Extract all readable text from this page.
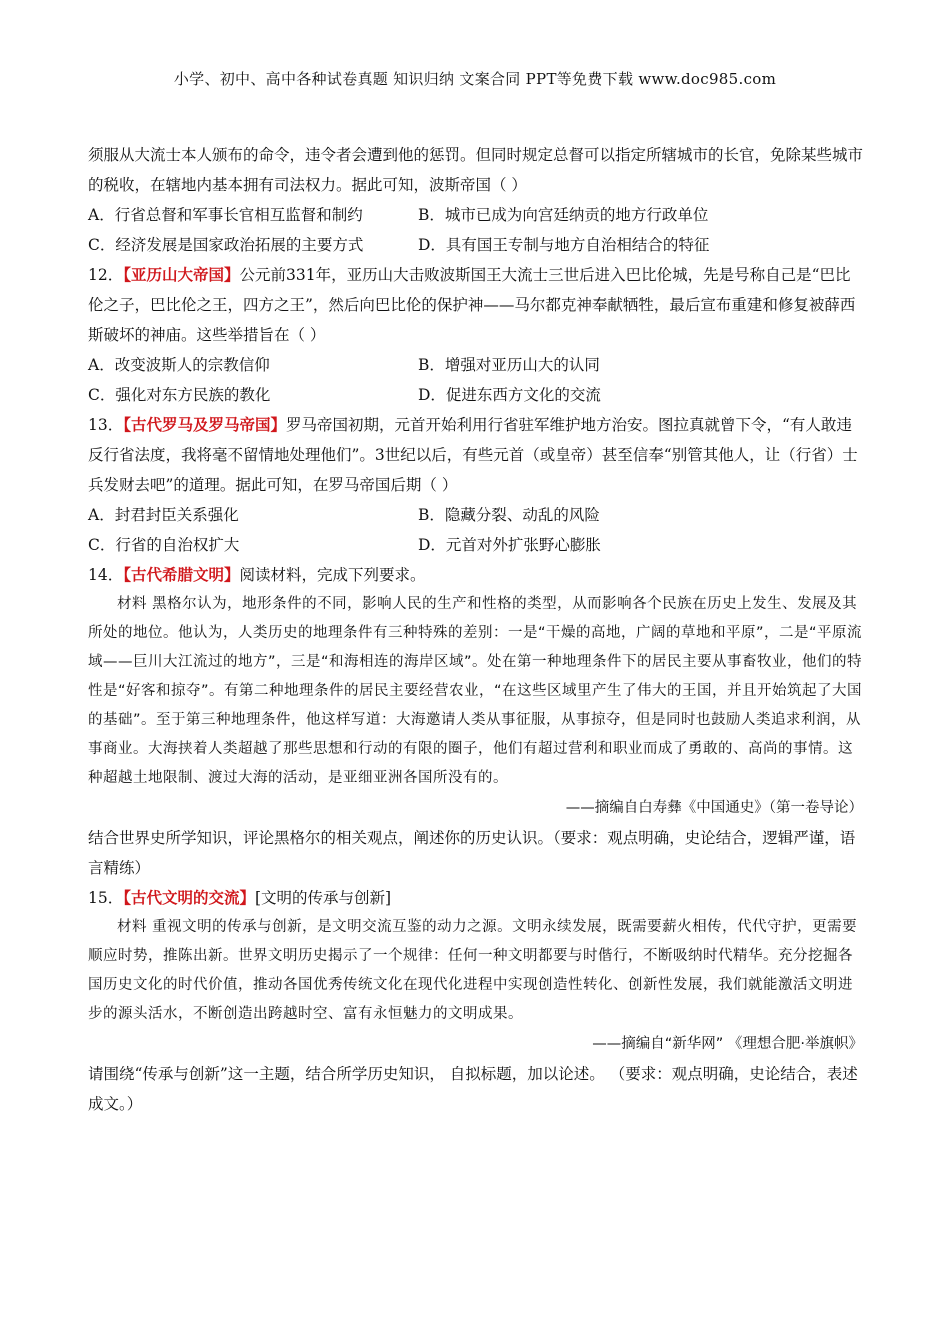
小学、初中、高中各种试卷真题 知识归纳 文案合同 PPT等免费下载 www.doc985.com

须服从大流士本人颁布的命令，违令者会遭到他的惩罚。但同时规定总督可以指定所辖城市的长官，免除某些城市的税收，在辖地内基本拥有司法权力。据此可知，波斯帝国（ ）

A．行省总督和军事长官相互监督和制约	B．城市已成为向宫廷纳贡的地方行政单位
C．经济发展是国家政治拓展的主要方式	D．具有国王专制与地方自治相结合的特征

12．【亚历山大帝国】公元前331年，亚历山大击败波斯国王大流士三世后进入巴比伦城，先是号称自己是“巴比伦之子，巴比伦之王，四方之王”，然后向巴比伦的保护神——马尔都克神奉献牺牲，最后宣布重建和修复被薛西斯破坏的神庙。这些举措旨在（ ）

A．改变波斯人的宗教信仰	B．增强对亚历山大的认同
C．强化对东方民族的教化	D．促进东西方文化的交流

13．【古代罗马及罗马帝国】罗马帝国初期，元首开始利用行省驻军维护地方治安。图拉真就曾下令，“有人敢违反行省法度，我将毫不留情地处理他们”。3世纪以后，有些元首（或皇帝）甚至信奉“别管其他人，让（行省）士兵发财去吧”的道理。据此可知，在罗马帝国后期（ ）

A．封君封臣关系强化	B．隐藏分裂、动乱的风险
C．行省的自治权扩大	D．元首对外扩张野心膨胀

14．【古代希腊文明】阅读材料，完成下列要求。

材料 黑格尔认为，地形条件的不同，影响人民的生产和性格的类型，从而影响各个民族在历史上发生、发展及其所处的地位。他认为，人类历史的地理条件有三种特殊的差别：一是“干燥的高地，广阔的草地和平原”，二是“平原流域——巨川大江流过的地方”，三是“和海相连的海岸区域”。处在第一种地理条件下的居民主要从事畜牧业，他们的特性是“好客和掠夺”。有第二种地理条件的居民主要经营农业，“在这些区域里产生了伟大的王国，并且开始筑起了大国的基础”。至于第三种地理条件，他这样写道：大海邀请人类从事征服，从事掠夺，但是同时也鼓励人类追求利润，从事商业。大海挟着人类超越了那些思想和行动的有限的圈子，他们有超过营利和职业而成了勇敢的、高尚的事情。这种超越土地限制、渡过大海的活动，是亚细亚洲各国所没有的。

——摘编自白寿彝《中国通史》（第一卷导论）

结合世界史所学知识，评论黑格尔的相关观点，阐述你的历史认识。（要求：观点明确，史论结合，逻辑严谨，语言精练）

15．【古代文明的交流】[文明的传承与创新]

材料 重视文明的传承与创新，是文明交流互鉴的动力之源。文明永续发展，既需要薪火相传，代代守护，更需要顺应时势，推陈出新。世界文明历史揭示了一个规律：任何一种文明都要与时偕行，不断吸纳时代精华。充分挖掘各国历史文化的时代价值，推动各国优秀传统文化在现代化进程中实现创造性转化、创新性发展，我们就能激活文明进步的源头活水，不断创造出跨越时空、富有永恒魅力的文明成果。

——摘编自“新华网” 《理想合肥·举旗帜》

请围绕“传承与创新”这一主题，结合所学历史知识， 自拟标题，加以论述。 （要求：观点明确，史论结合，表述成文。）
